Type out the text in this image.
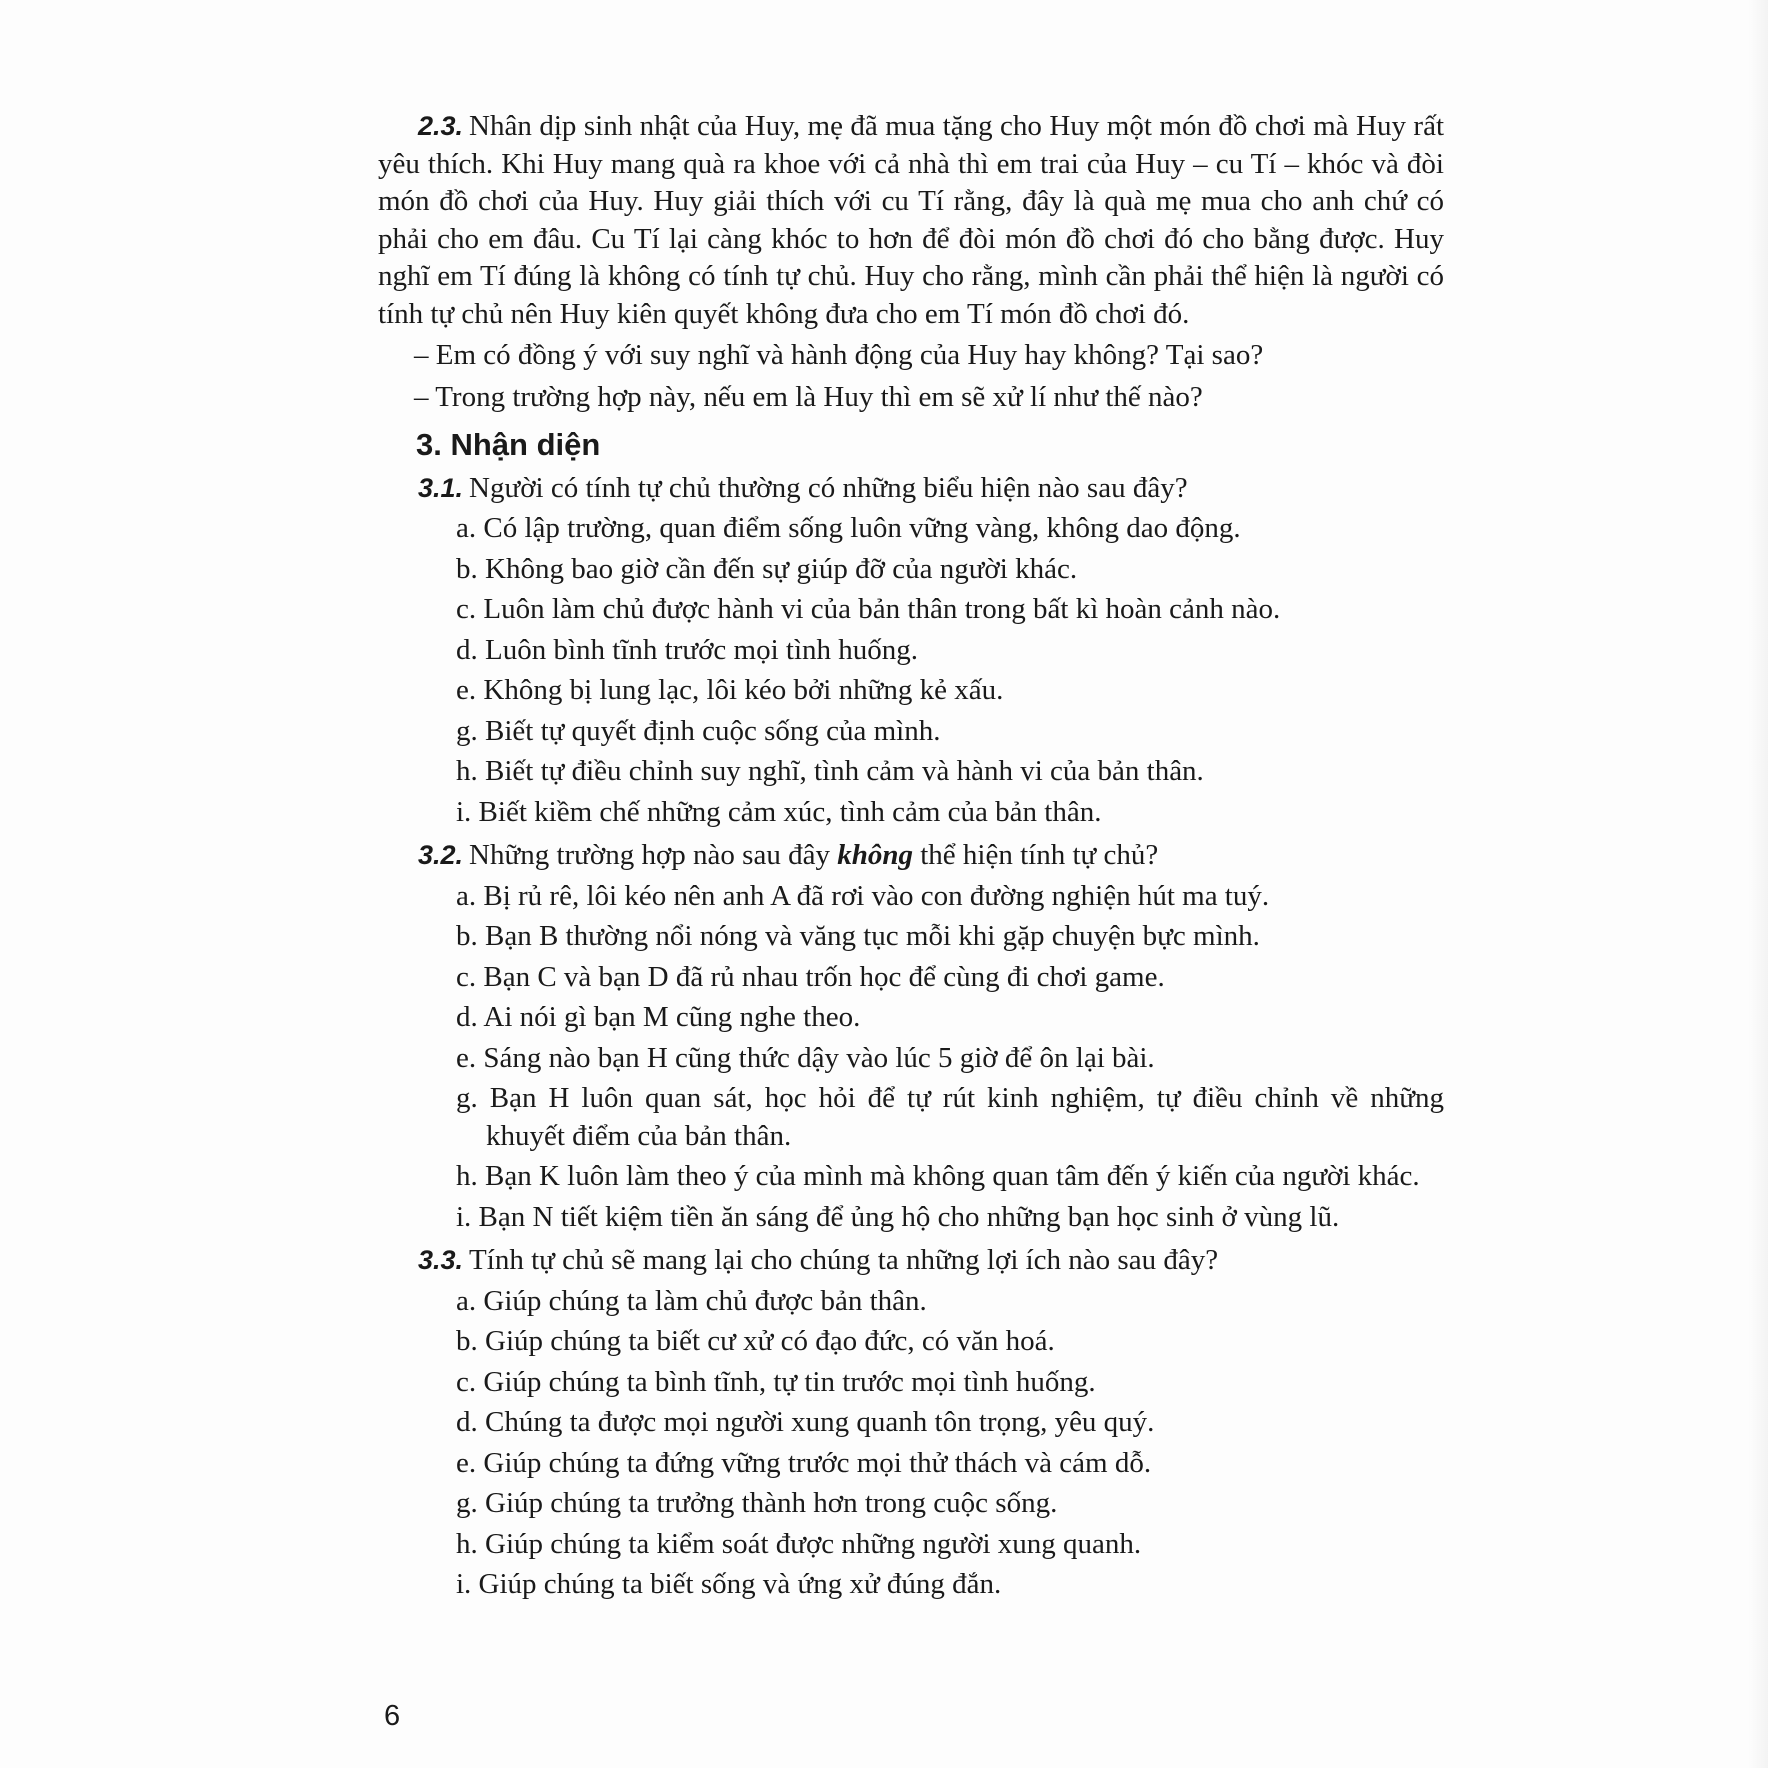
2.3. Nhân dịp sinh nhật của Huy, mẹ đã mua tặng cho Huy một món đồ chơi mà Huy rất yêu thích. Khi Huy mang quà ra khoe với cả nhà thì em trai của Huy – cu Tí – khóc và đòi món đồ chơi của Huy. Huy giải thích với cu Tí rằng, đây là quà mẹ mua cho anh chứ có phải cho em đâu. Cu Tí lại càng khóc to hơn để đòi món đồ chơi đó cho bằng được. Huy nghĩ em Tí đúng là không có tính tự chủ. Huy cho rằng, mình cần phải thể hiện là người có tính tự chủ nên Huy kiên quyết không đưa cho em Tí món đồ chơi đó.

– Em có đồng ý với suy nghĩ và hành động của Huy hay không? Tại sao?

– Trong trường hợp này, nếu em là Huy thì em sẽ xử lí như thế nào?

3. Nhận diện

3.1. Người có tính tự chủ thường có những biểu hiện nào sau đây?

a. Có lập trường, quan điểm sống luôn vững vàng, không dao động.

b. Không bao giờ cần đến sự giúp đỡ của người khác.

c. Luôn làm chủ được hành vi của bản thân trong bất kì hoàn cảnh nào.

d. Luôn bình tĩnh trước mọi tình huống.

e. Không bị lung lạc, lôi kéo bởi những kẻ xấu.

g. Biết tự quyết định cuộc sống của mình.

h. Biết tự điều chỉnh suy nghĩ, tình cảm và hành vi của bản thân.

i. Biết kiềm chế những cảm xúc, tình cảm của bản thân.

3.2. Những trường hợp nào sau đây không thể hiện tính tự chủ?

a. Bị rủ rê, lôi kéo nên anh A đã rơi vào con đường nghiện hút ma tuý.

b. Bạn B thường nổi nóng và văng tục mỗi khi gặp chuyện bực mình.

c. Bạn C và bạn D đã rủ nhau trốn học để cùng đi chơi game.

d. Ai nói gì bạn M cũng nghe theo.

e. Sáng nào bạn H cũng thức dậy vào lúc 5 giờ để ôn lại bài.

g. Bạn H luôn quan sát, học hỏi để tự rút kinh nghiệm, tự điều chỉnh về những khuyết điểm của bản thân.

h. Bạn K luôn làm theo ý của mình mà không quan tâm đến ý kiến của người khác.

i. Bạn N tiết kiệm tiền ăn sáng để ủng hộ cho những bạn học sinh ở vùng lũ.

3.3. Tính tự chủ sẽ mang lại cho chúng ta những lợi ích nào sau đây?

a. Giúp chúng ta làm chủ được bản thân.

b. Giúp chúng ta biết cư xử có đạo đức, có văn hoá.

c. Giúp chúng ta bình tĩnh, tự tin trước mọi tình huống.

d. Chúng ta được mọi người xung quanh tôn trọng, yêu quý.

e. Giúp chúng ta đứng vững trước mọi thử thách và cám dỗ.

g. Giúp chúng ta trưởng thành hơn trong cuộc sống.

h. Giúp chúng ta kiểm soát được những người xung quanh.

i. Giúp chúng ta biết sống và ứng xử đúng đắn.

6
